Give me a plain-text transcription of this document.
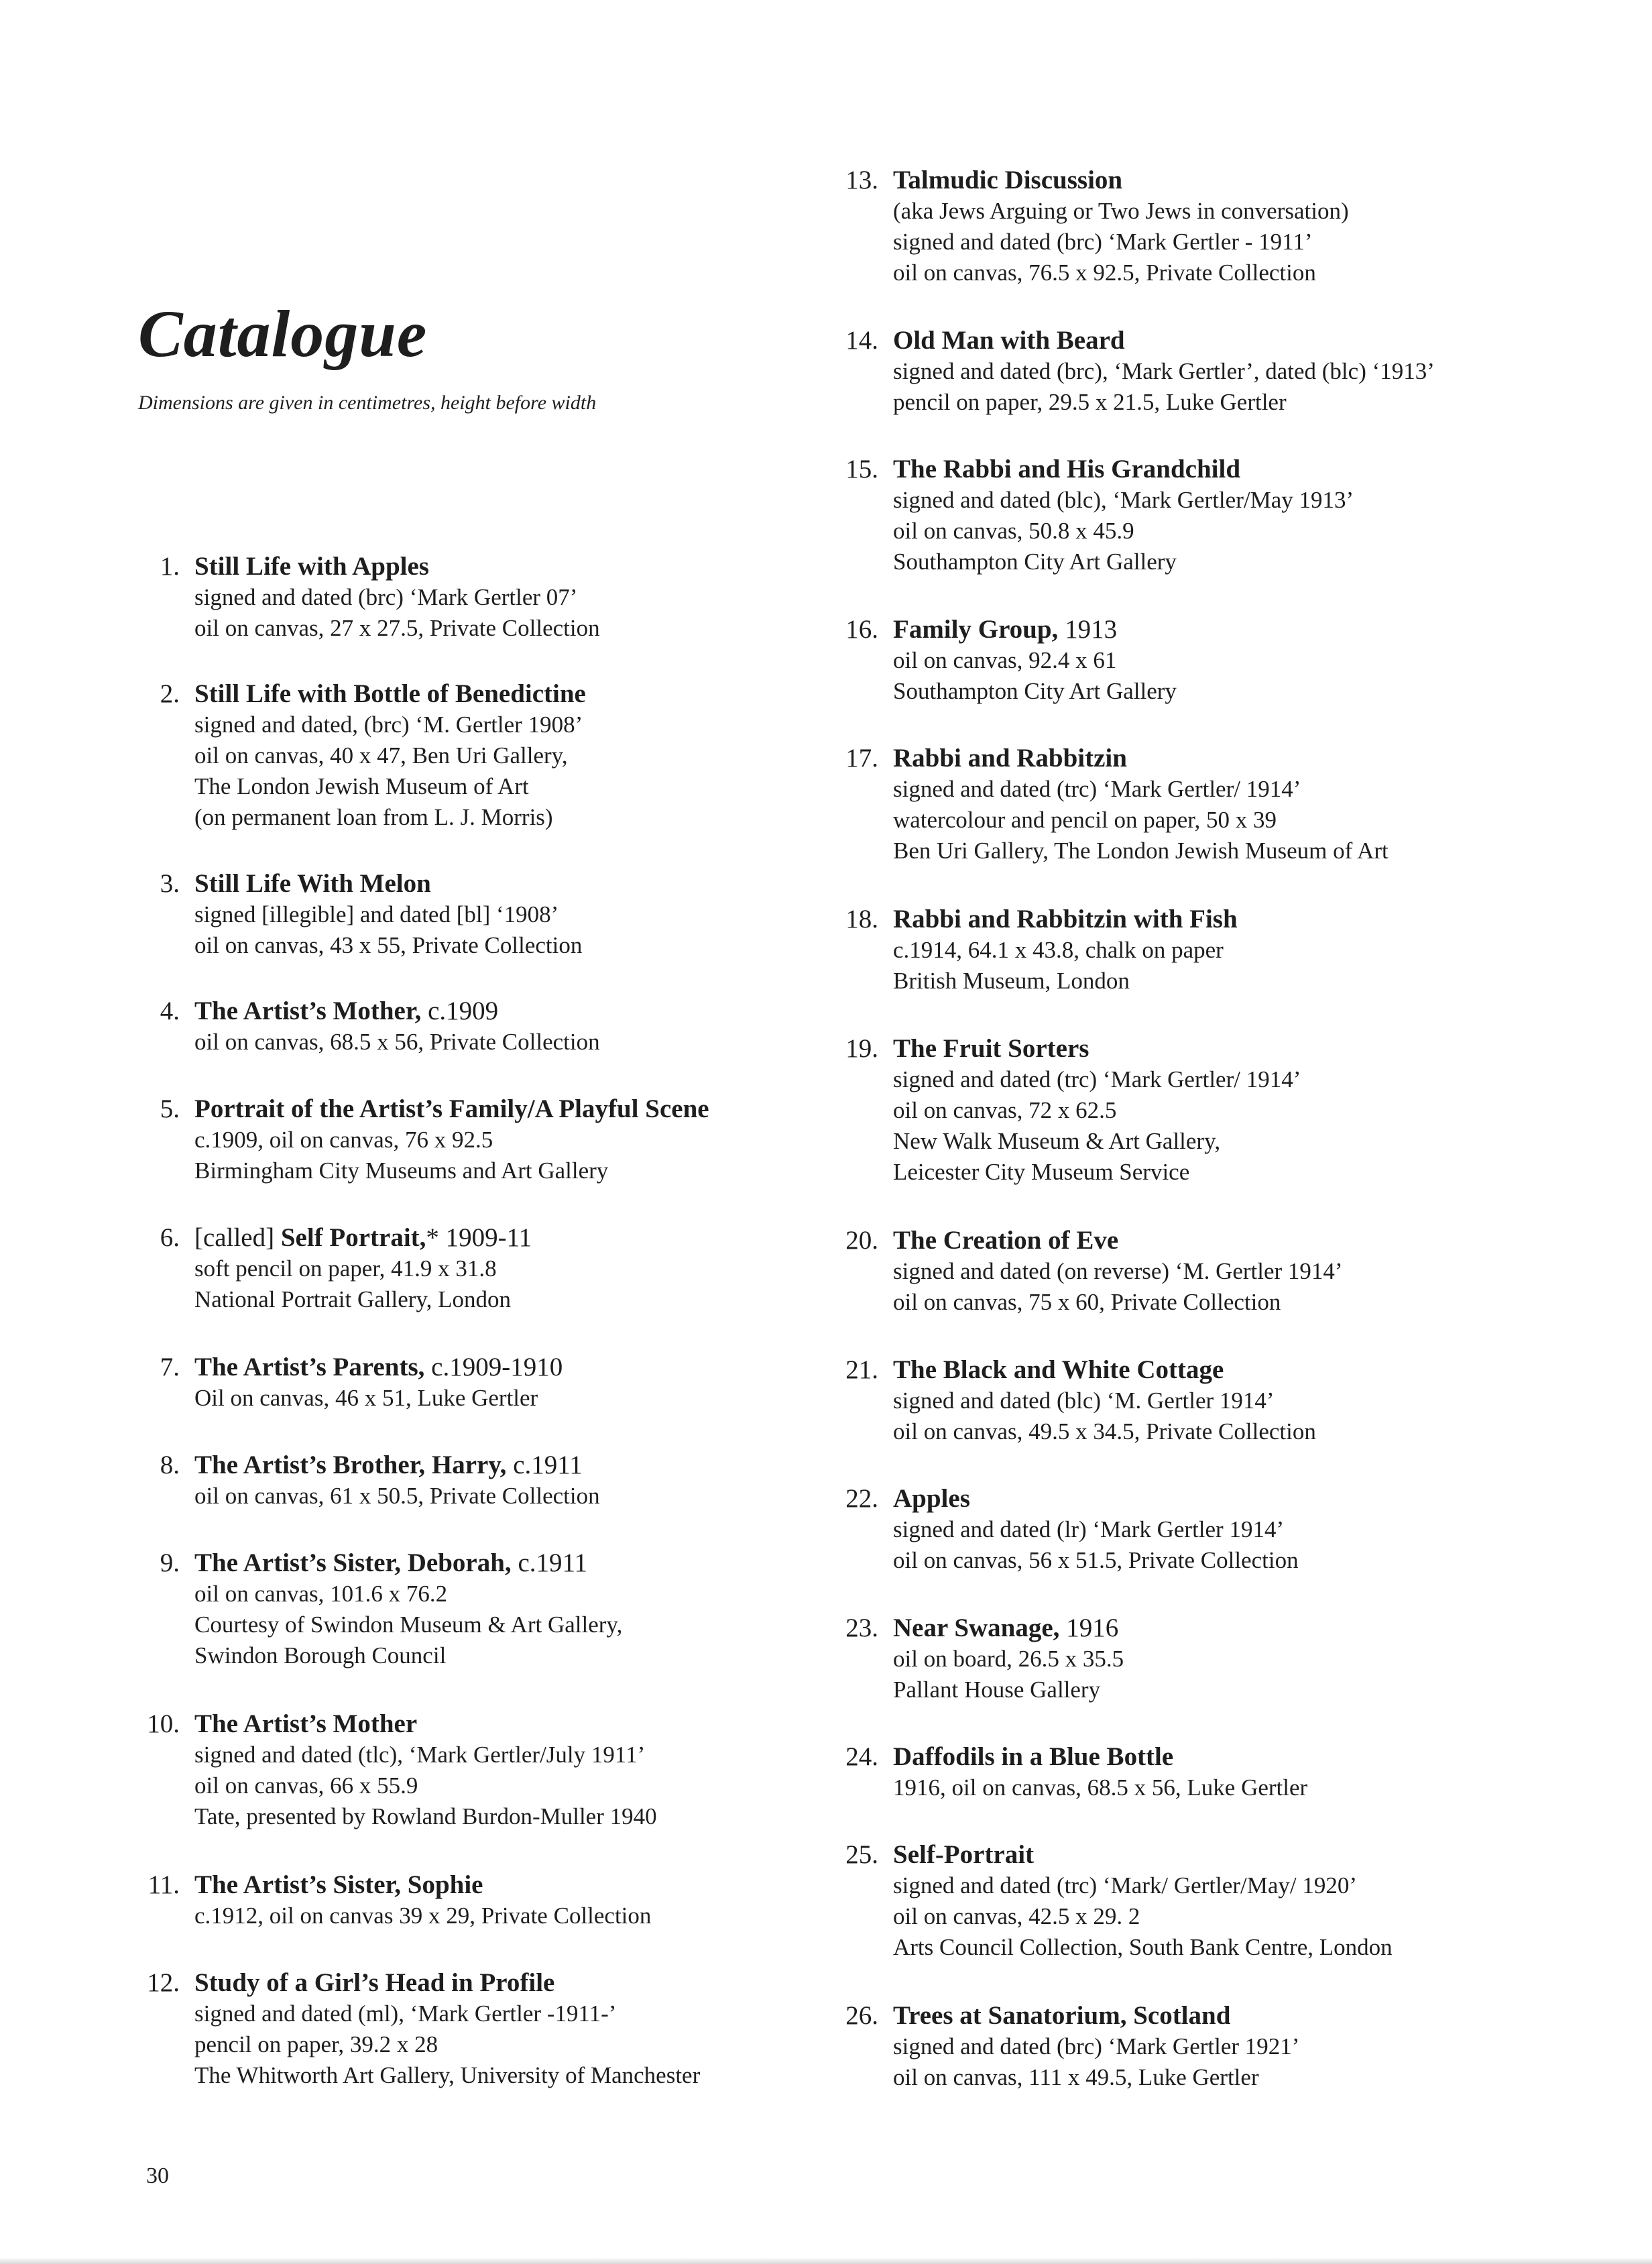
Catalogue

Dimensions are given in centimetres, height before width

1. Still Life with Apples
signed and dated (brc) ‘Mark Gertler 07’
oil on canvas, 27 x 27.5, Private Collection
2. Still Life with Bottle of Benedictine
signed and dated, (brc) ‘M. Gertler 1908’
oil on canvas, 40 x 47, Ben Uri Gallery,
The London Jewish Museum of Art
(on permanent loan from L. J. Morris)
3. Still Life With Melon
signed [illegible] and dated [bl] ‘1908’
oil on canvas, 43 x 55, Private Collection
4. The Artist’s Mother, c.1909
oil on canvas, 68.5 x 56, Private Collection
5. Portrait of the Artist’s Family/A Playful Scene
c.1909, oil on canvas, 76 x 92.5
Birmingham City Museums and Art Gallery
6. [called] Self Portrait,* 1909-11
soft pencil on paper, 41.9 x 31.8
National Portrait Gallery, London
7. The Artist’s Parents, c.1909-1910
Oil on canvas, 46 x 51, Luke Gertler
8. The Artist’s Brother, Harry, c.1911
oil on canvas, 61 x 50.5, Private Collection
9. The Artist’s Sister, Deborah, c.1911
oil on canvas, 101.6 x 76.2
Courtesy of Swindon Museum & Art Gallery,
Swindon Borough Council
10. The Artist’s Mother
signed and dated (tlc), ‘Mark Gertler/July 1911’
oil on canvas, 66 x 55.9
Tate, presented by Rowland Burdon-Muller 1940
11. The Artist’s Sister, Sophie
c.1912, oil on canvas 39 x 29, Private Collection
12. Study of a Girl’s Head in Profile
signed and dated (ml), ‘Mark Gertler -1911-’
pencil on paper, 39.2 x 28
The Whitworth Art Gallery, University of Manchester
13. Talmudic Discussion
(aka Jews Arguing or Two Jews in conversation)
signed and dated (brc) ‘Mark Gertler - 1911’
oil on canvas, 76.5 x 92.5, Private Collection
14. Old Man with Beard
signed and dated (brc), ‘Mark Gertler’, dated (blc) ‘1913’
pencil on paper, 29.5 x 21.5, Luke Gertler
15. The Rabbi and His Grandchild
signed and dated (blc), ‘Mark Gertler/May 1913’
oil on canvas, 50.8 x 45.9
Southampton City Art Gallery
16. Family Group, 1913
oil on canvas, 92.4 x 61
Southampton City Art Gallery
17. Rabbi and Rabbitzin
signed and dated (trc) ‘Mark Gertler/ 1914’
watercolour and pencil on paper, 50 x 39
Ben Uri Gallery, The London Jewish Museum of Art
18. Rabbi and Rabbitzin with Fish
c.1914, 64.1 x 43.8, chalk on paper
British Museum, London
19. The Fruit Sorters
signed and dated (trc) ‘Mark Gertler/ 1914’
oil on canvas, 72 x 62.5
New Walk Museum & Art Gallery,
Leicester City Museum Service
20. The Creation of Eve
signed and dated (on reverse) ‘M. Gertler 1914’
oil on canvas, 75 x 60, Private Collection
21. The Black and White Cottage
signed and dated (blc) ‘M. Gertler 1914’
oil on canvas, 49.5 x 34.5, Private Collection
22. Apples
signed and dated (lr) ‘Mark Gertler 1914’
oil on canvas, 56 x 51.5, Private Collection
23. Near Swanage, 1916
oil on board, 26.5 x 35.5
Pallant House Gallery
24. Daffodils in a Blue Bottle
1916, oil on canvas, 68.5 x 56, Luke Gertler
25. Self-Portrait
signed and dated (trc) ‘Mark/ Gertler/May/ 1920’
oil on canvas, 42.5 x 29. 2
Arts Council Collection, South Bank Centre, London
26. Trees at Sanatorium, Scotland
signed and dated (brc) ‘Mark Gertler 1921’
oil on canvas, 111 x 49.5, Luke Gertler
30
